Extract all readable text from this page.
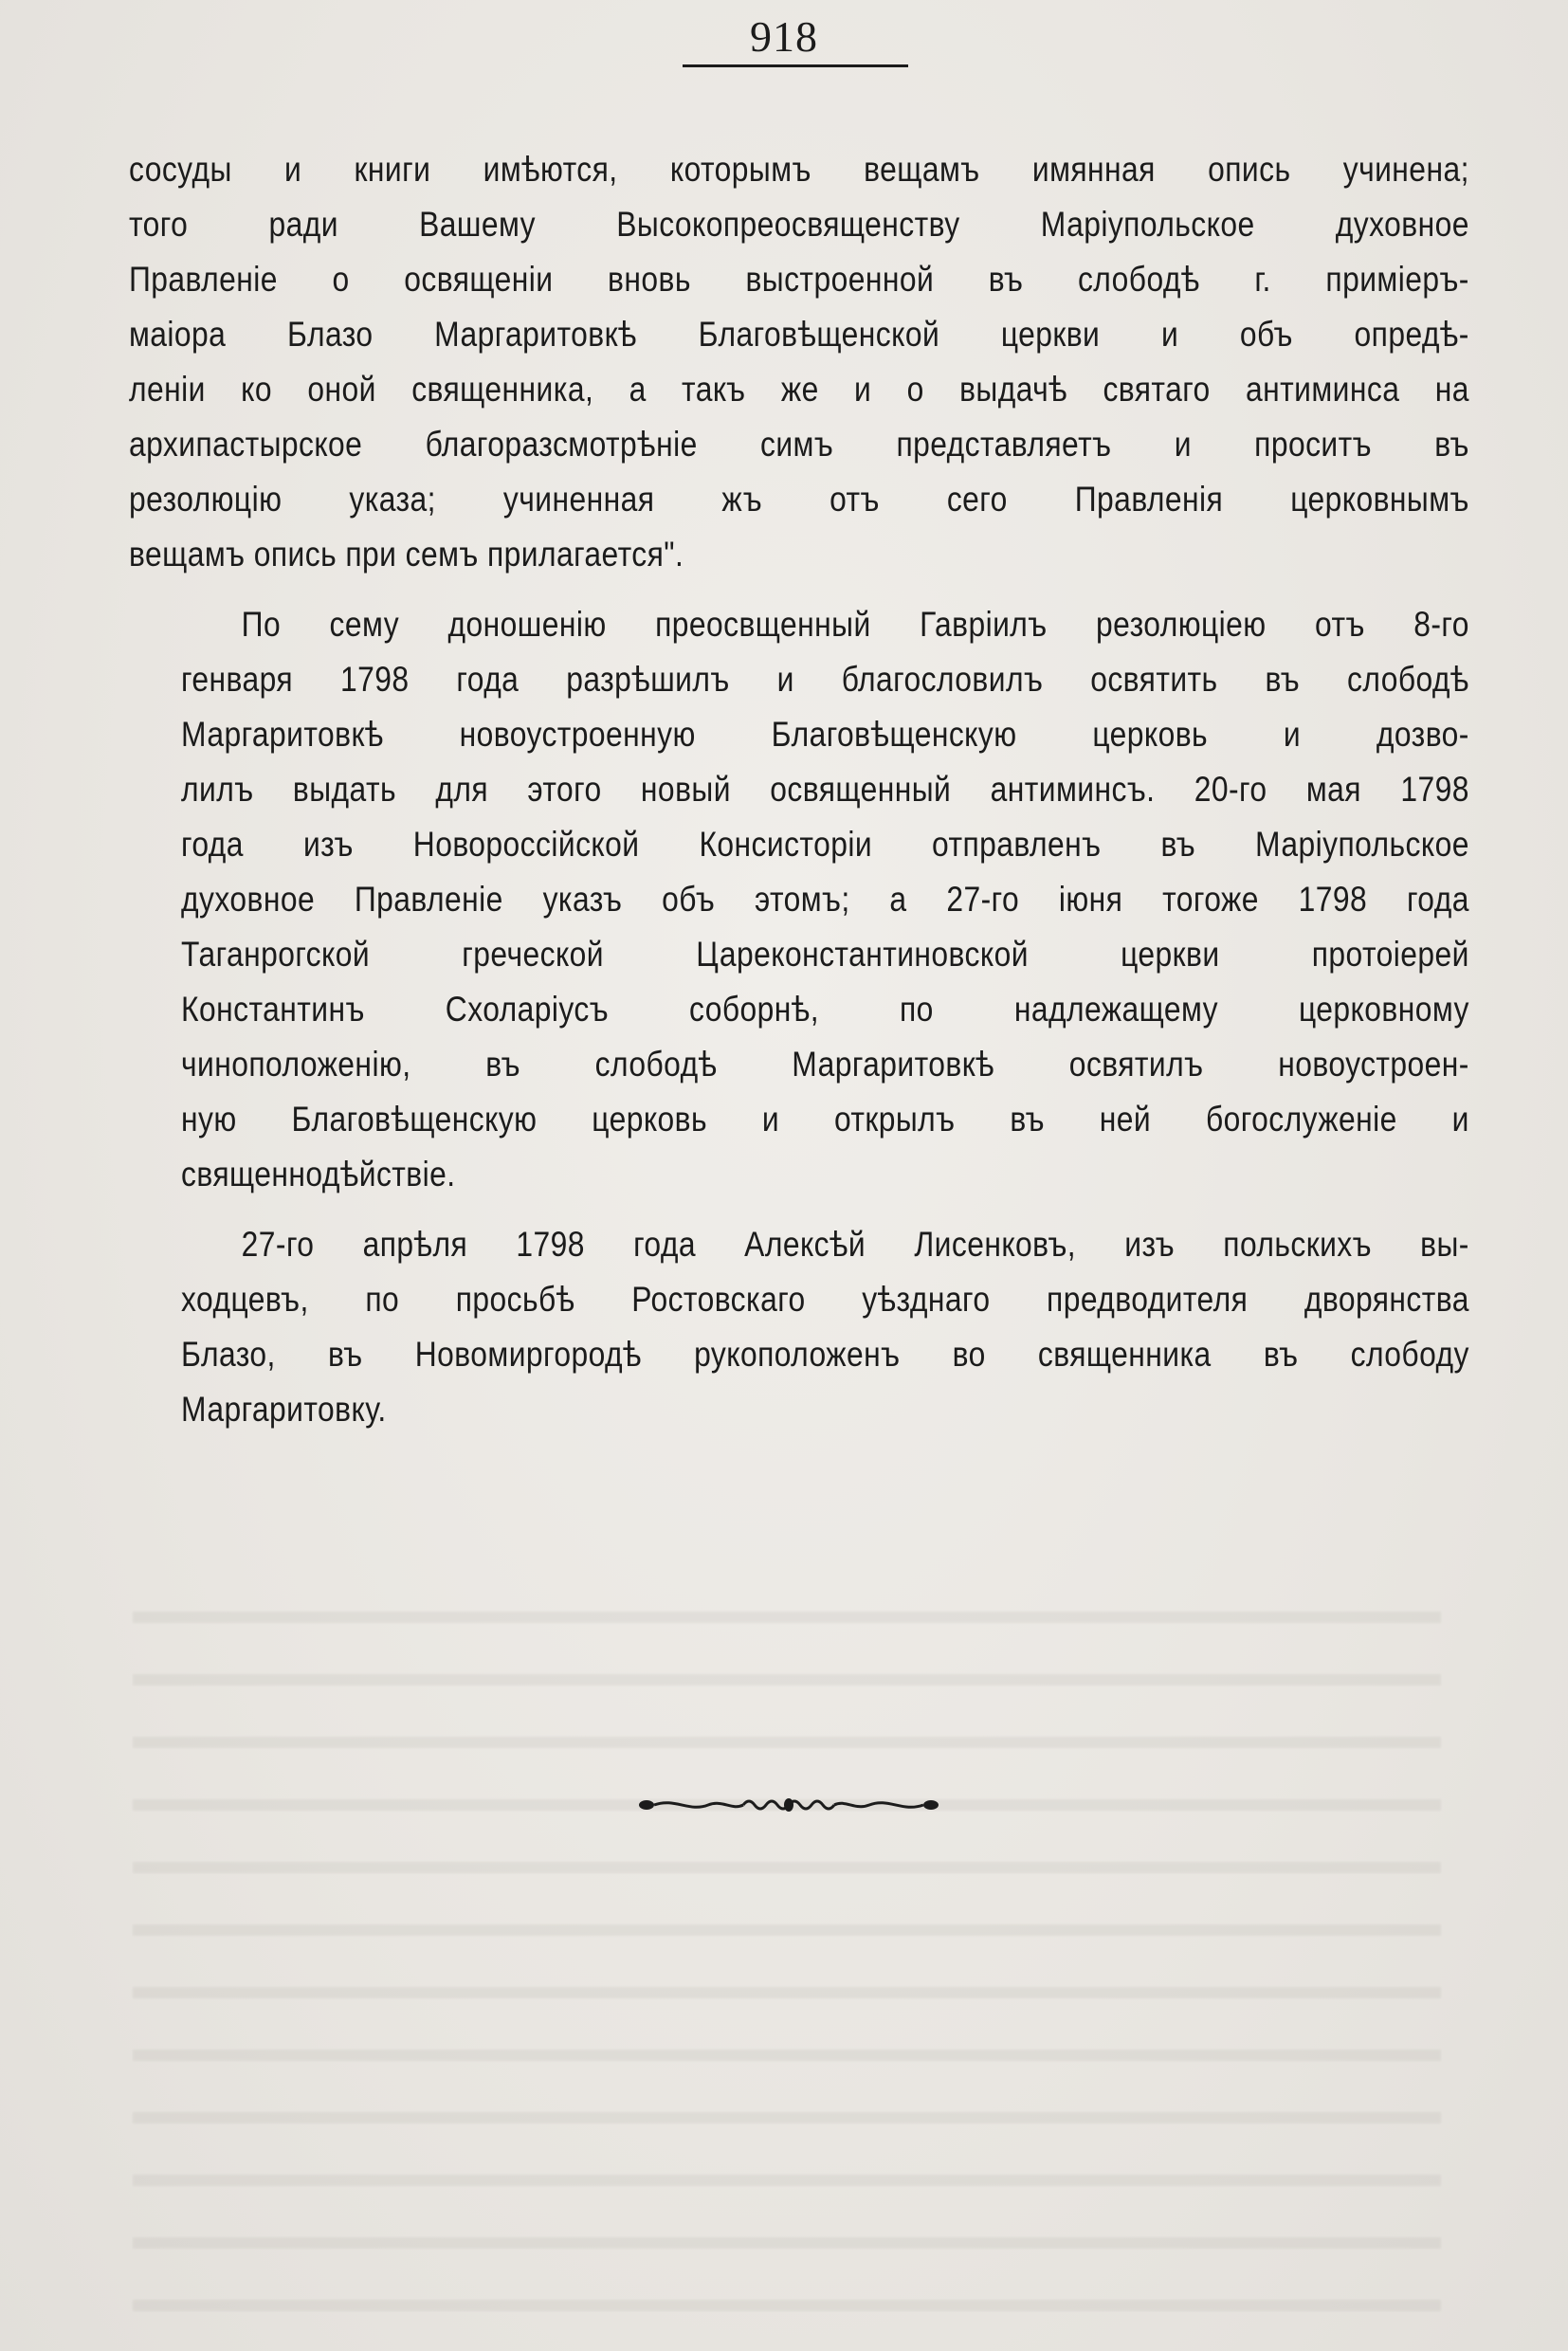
918
сосуды и книги имѣются, которымъ вещамъ имянная опись учинена;
того ради Вашему Высокопреосвященству Маріупольское духовное
Правленіе о освященіи вновь выстроенной въ слободѣ г. примiеръ-
маіора Блазо Маргаритовкѣ Благовѣщенской церкви и объ опредѣ-
леніи ко оной священника, а такъ же и о выдачѣ святаго антиминса на
архипастырское благоразсмотрѣніе симъ представляетъ и проситъ въ
резолюцію указа; учиненная жъ отъ сего Правленія церковнымъ
вещамъ опись при семъ прилагается".
По сему доношенію преосвщенный Гавріилъ резолюціею отъ 8-го
генваря 1798 года разрѣшилъ и благословилъ освятить въ слободѣ
Маргаритовкѣ новоустроенную Благовѣщенскую церковь и дозво-
лилъ выдать для этого новый освященный антиминсъ. 20-го мая 1798
года изъ Новороссійской Консисторіи отправленъ въ Маріупольское
духовное Правленіе указъ объ этомъ; а 27-го іюня тогоже 1798 года
Таганрогской греческой Цареконстантиновской церкви протоіерей
Константинъ Схоларіусъ соборнѣ, по надлежащему церковному
чиноположенію, въ слободѣ Маргаритовкѣ освятилъ новоустроен-
ную Благовѣщенскую церковь и открылъ въ ней богослуженіе и
священнодѣйствіе.
27-го апрѣля 1798 года Алексѣй Лисенковъ, изъ польскихъ вы-
ходцевъ, по просьбѣ Ростовскаго уѣзднаго предводителя дворянства
Блазо, въ Новомиргородѣ рукоположенъ во священника въ слободу
Маргаритовку.
